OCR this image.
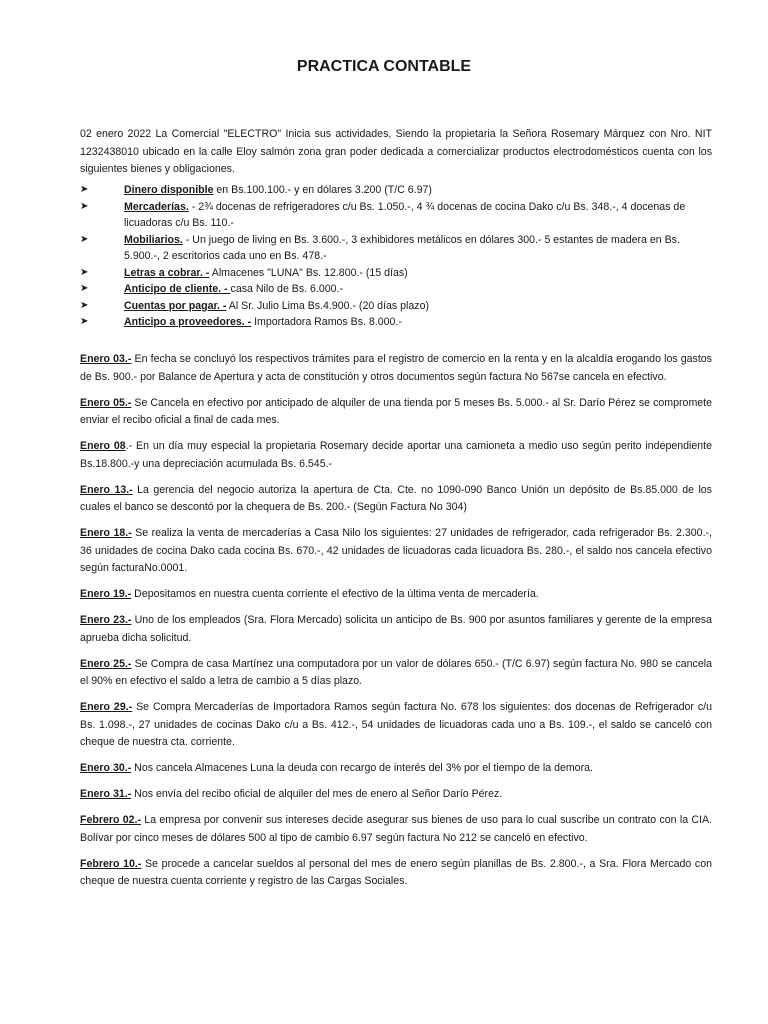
PRACTICA CONTABLE

02 enero 2022 La Comercial "ELECTRO" Inicia sus actividades, Siendo la propietaria la Señora Rosemary Márquez con Nro. NIT 1232438010 ubicado en la calle Eloy salmón zona gran poder dedicada a comercializar productos electrodomésticos cuenta con los siguientes bienes y obligaciones.

➤	Dinero disponible en Bs.100.100.- y en dólares 3.200 (T/C 6.97)
➤	Mercaderías. - 2¾ docenas de refrigeradores c/u Bs. 1.050.-, 4 ¾ docenas de cocina Dako c/u Bs. 348.-, 4 docenas de licuadoras c/u Bs. 110.-
➤	Mobiliarios. - Un juego de living en Bs. 3.600.-, 3 exhibidores metálicos en dólares 300.- 5 estantes de madera en Bs. 5.900.-, 2 escritorios cada uno en Bs. 478.-
➤	Letras a cobrar. - Almacenes "LUNA" Bs. 12.800.- (15 días)
➤	Anticipo de cliente. - casa Nilo de Bs. 6.000.-
➤	Cuentas por pagar. - Al Sr. Julio Lima Bs.4.900.- (20 días plazo)
➤	Anticipo a proveedores. - Importadora Ramos Bs. 8.000.-

Enero 03.- En fecha se concluyó los respectivos trámites para el registro de comercio en la renta y en la alcaldía erogando los gastos de Bs. 900.- por Balance de Apertura y acta de constitución y otros documentos según factura No 567se cancela en efectivo.

Enero 05.- Se Cancela en efectivo por anticipado de alquiler de una tienda por 5 meses Bs. 5.000.- al Sr. Darío Pérez se compromete enviar el recibo oficial a final de cada mes.

Enero 08.- En un día muy especial la propietaria Rosemary decide aportar una camioneta a medio uso según perito independiente Bs.18.800.-y una depreciación acumulada Bs. 6.545.-

Enero 13.- La gerencia del negocio autoriza la apertura de Cta. Cte. no 1090-090 Banco Unión un depósito de Bs.85.000 de los cuales el banco se descontó por la chequera de Bs. 200.- (Según Factura No 304)

Enero 18.- Se realiza la venta de mercaderías a Casa Nilo los siguientes: 27 unidades de refrigerador, cada refrigerador Bs. 2.300.-, 36 unidades de cocina Dako cada cocina Bs. 670.-, 42 unidades de licuadoras cada licuadora Bs. 280.-, el saldo nos cancela efectivo según facturaNo.0001.

Enero 19.- Depositamos en nuestra cuenta corriente el efectivo de la última venta de mercadería.

Enero 23.- Uno de los empleados (Sra. Flora Mercado) solicita un anticipo de Bs. 900 por asuntos familiares y gerente de la empresa aprueba dicha solicitud.

Enero 25.- Se Compra de casa Martínez una computadora por un valor de dólares 650.- (T/C 6.97) según factura No. 980 se cancela el 90% en efectivo el saldo a letra de cambio a 5 días plazo.

Enero 29.- Se Compra Mercaderías de Importadora Ramos según factura No. 678 los siguientes: dos docenas de Refrigerador c/u Bs. 1.098.-, 27 unidades de cocinas Dako c/u a Bs. 412.-, 54 unidades de licuadoras cada uno a Bs. 109.-, el saldo se canceló con cheque de nuestra cta. corriente.

Enero 30.- Nos cancela Almacenes Luna la deuda con recargo de interés del 3% por el tiempo de la demora.

Enero 31.- Nos envía del recibo oficial de alquiler del mes de enero al Señor Darío Pérez.

Febrero 02.- La empresa por convenir sus intereses decide asegurar sus bienes de uso para lo cual suscribe un contrato con la CIA. Bolívar por cinco meses de dólares 500 al tipo de cambio 6.97 según factura No 212 se canceló en efectivo.

Febrero 10.- Se procede a cancelar sueldos al personal del mes de enero según planillas de Bs. 2.800.-, a Sra. Flora Mercado con cheque de nuestra cuenta corriente y registro de las Cargas Sociales.
